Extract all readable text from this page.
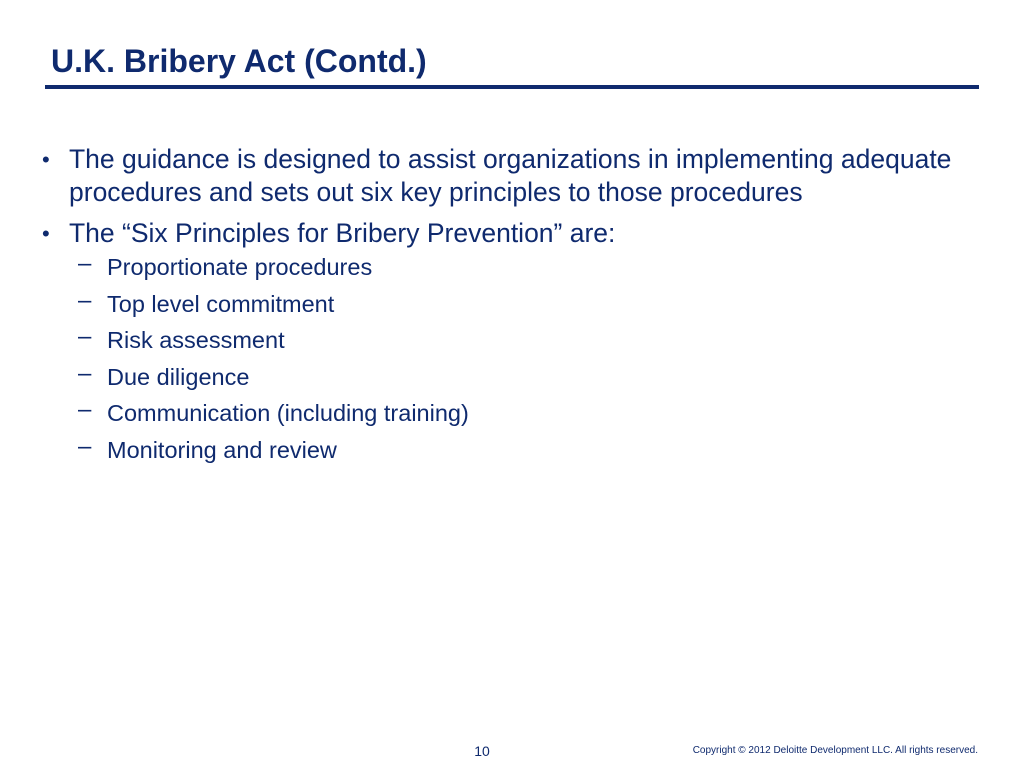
U.K. Bribery Act (Contd.)
• The guidance is designed to assist organizations in implementing adequate procedures and sets out six key principles to those procedures
• The “Six Principles for Bribery Prevention” are:
– Proportionate procedures
– Top level commitment
– Risk assessment
– Due diligence
– Communication (including training)
– Monitoring and review
10	Copyright © 2012 Deloitte Development LLC. All rights reserved.
